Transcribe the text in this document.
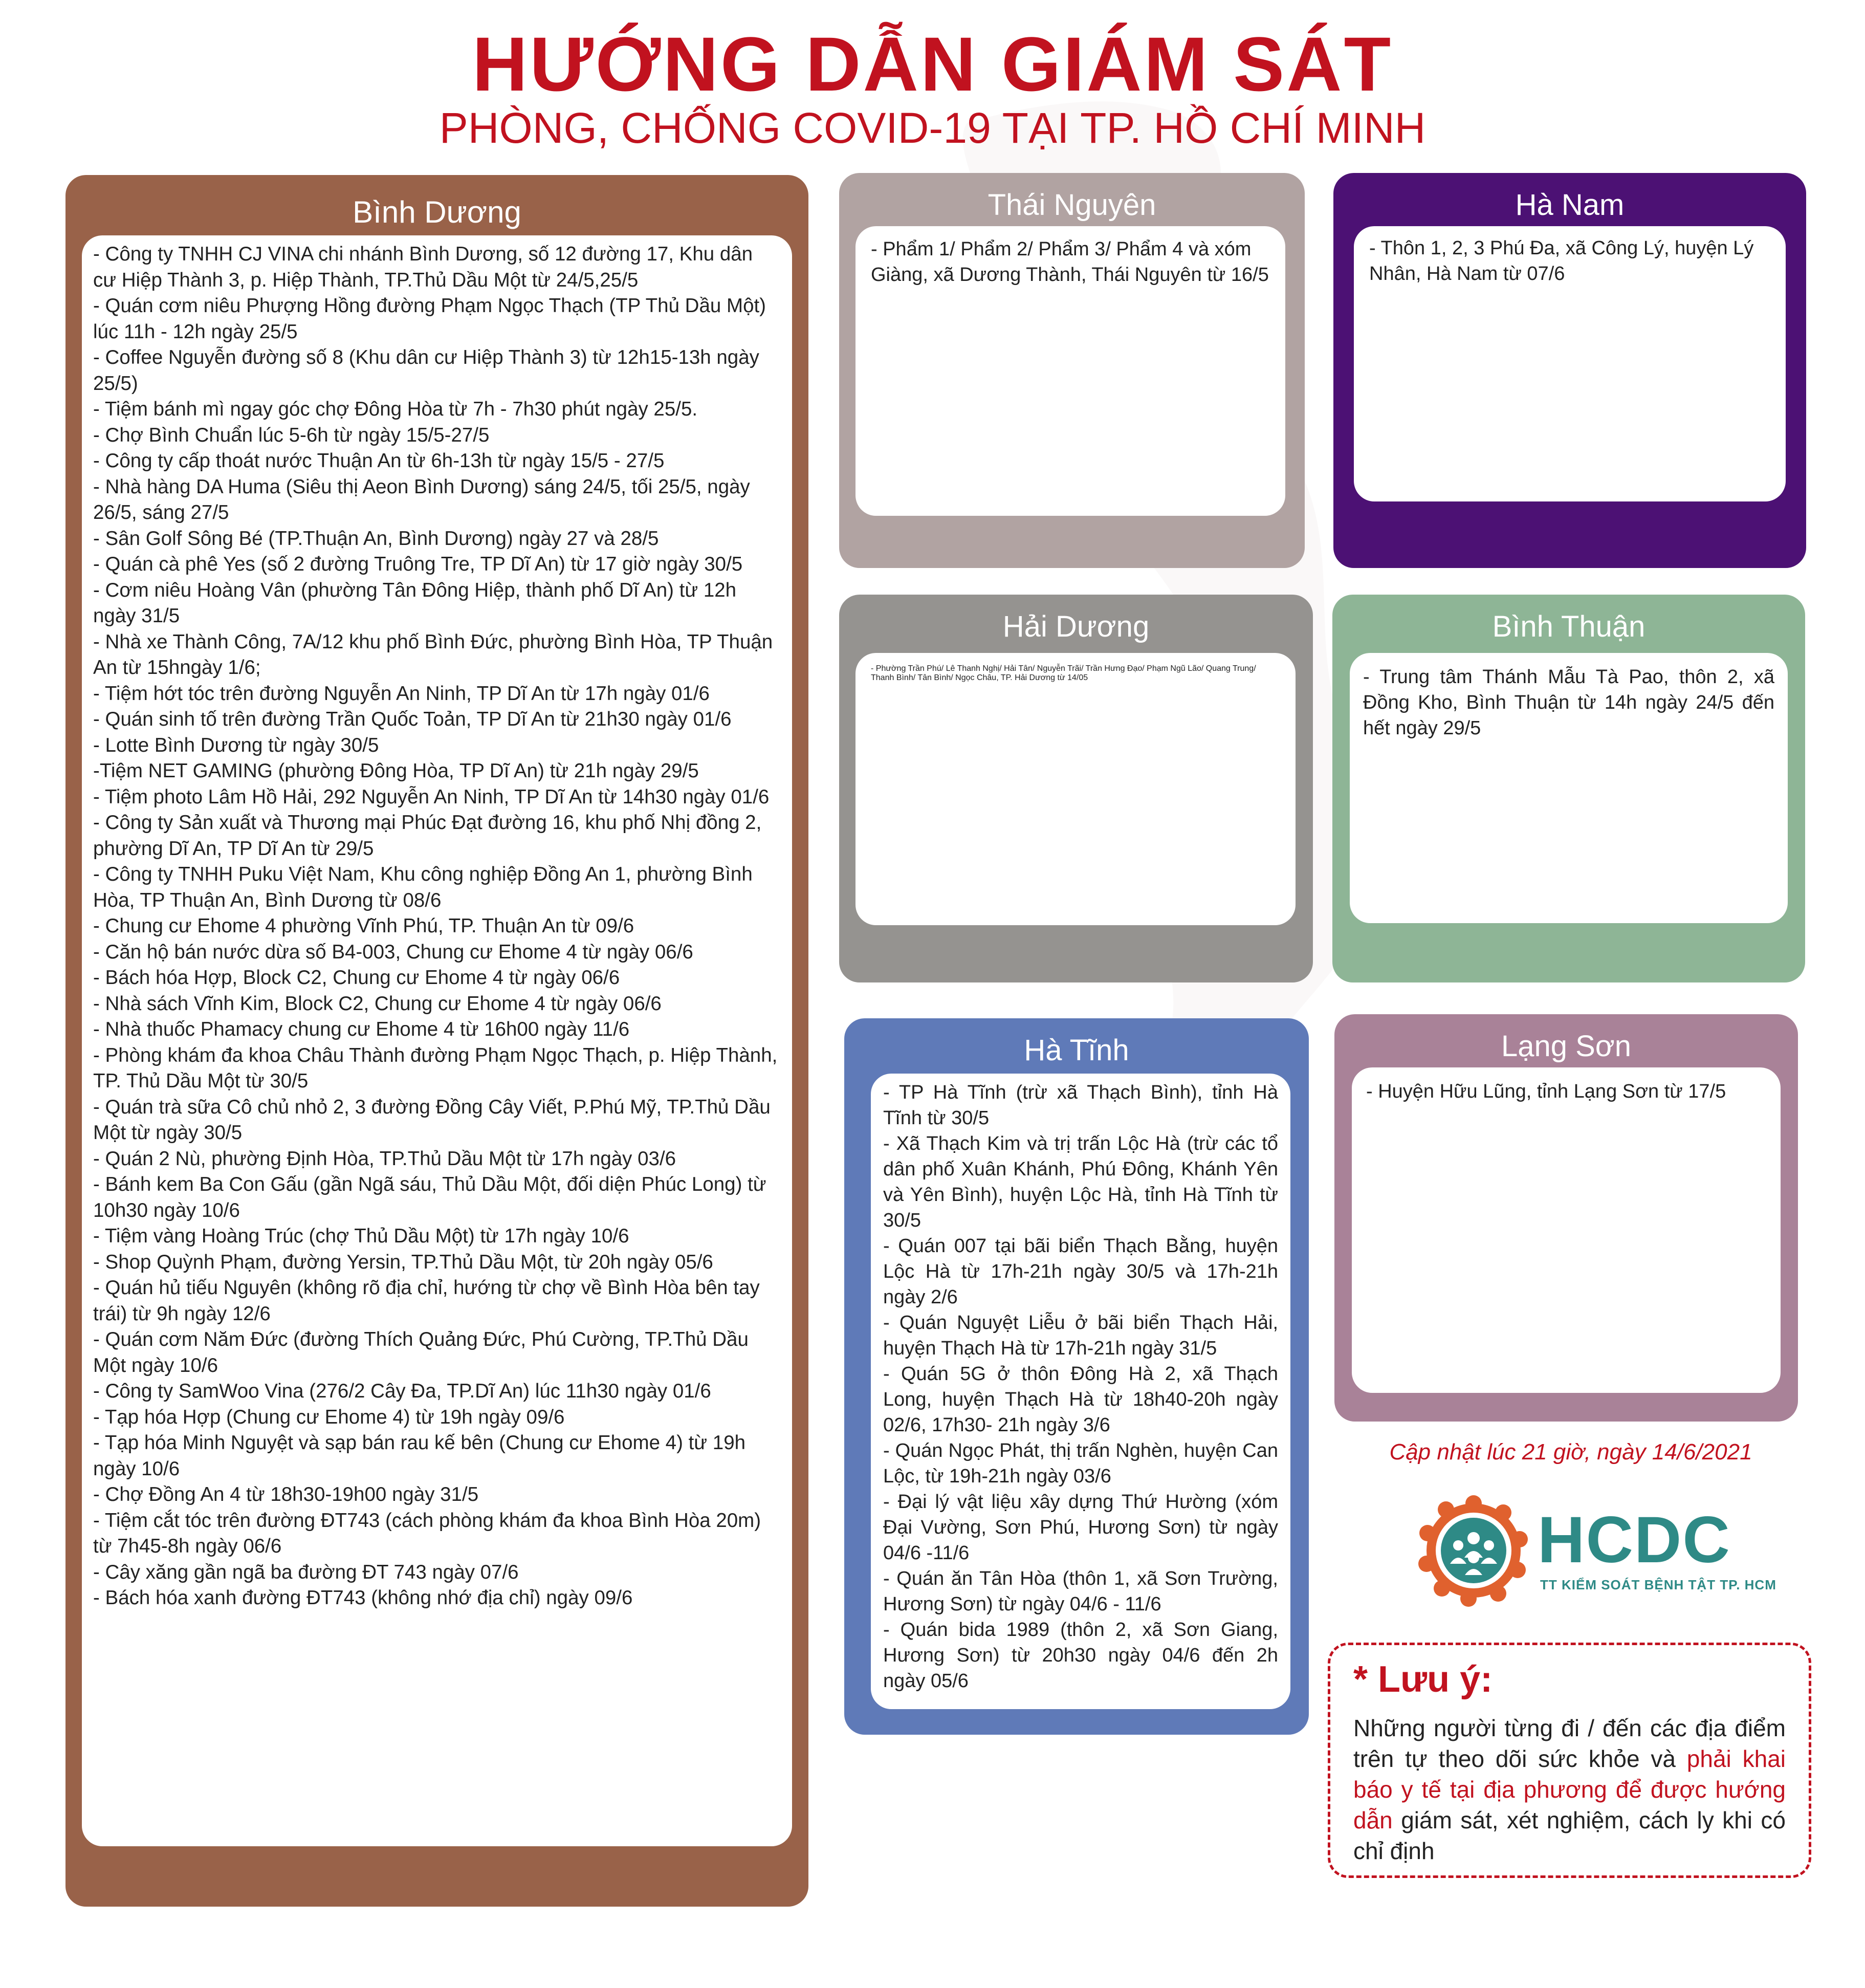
HƯỚNG DẪN GIÁM SÁT
PHÒNG, CHỐNG COVID-19 TẠI TP. HỒ CHÍ MINH
Bình Dương
- Công ty TNHH CJ VINA chi nhánh Bình Dương, số 12 đường 17, Khu dân cư Hiệp Thành 3, p. Hiệp Thành, TP.Thủ Dầu Một từ 24/5,25/5
- Quán cơm niêu Phượng Hồng đường Phạm Ngọc Thạch (TP Thủ Dầu Một) lúc 11h - 12h ngày 25/5
- Coffee Nguyễn đường số 8 (Khu dân cư Hiệp Thành 3) từ 12h15-13h ngày 25/5)
- Tiệm bánh mì ngay góc chợ Đông Hòa từ 7h - 7h30 phút ngày 25/5.
- Chợ Bình Chuẩn lúc 5-6h từ ngày 15/5-27/5
- Công ty cấp thoát nước Thuận An từ 6h-13h từ ngày 15/5 - 27/5
- Nhà hàng DA Huma (Siêu thị Aeon Bình Dương) sáng 24/5, tối 25/5, ngày 26/5, sáng 27/5
- Sân Golf Sông Bé (TP.Thuận An, Bình Dương) ngày 27 và 28/5
- Quán cà phê Yes (số 2 đường Truông Tre, TP Dĩ An) từ 17 giờ ngày 30/5
- Cơm niêu Hoàng Vân (phường Tân Đông Hiệp, thành phố Dĩ An) từ 12h ngày 31/5
- Nhà xe Thành Công, 7A/12 khu phố Bình Đức, phường Bình Hòa, TP Thuận An từ 15hngày 1/6;
- Tiệm hớt tóc trên đường Nguyễn An Ninh, TP Dĩ An từ 17h ngày 01/6
- Quán sinh tố trên đường Trần Quốc Toản, TP Dĩ An từ 21h30 ngày 01/6
- Lotte Bình Dương từ ngày 30/5
-Tiệm NET GAMING (phường Đông Hòa, TP Dĩ An) từ 21h ngày 29/5
- Tiệm photo Lâm Hồ Hải, 292 Nguyễn An Ninh, TP Dĩ An từ 14h30 ngày 01/6
- Công ty Sản xuất và Thương mại Phúc Đạt đường 16, khu phố Nhị đồng 2, phường Dĩ An, TP Dĩ An từ 29/5
- Công ty TNHH Puku Việt Nam, Khu công nghiệp Đồng An 1, phường Bình Hòa, TP Thuận An, Bình Dương từ 08/6
- Chung cư Ehome 4 phường Vĩnh Phú, TP. Thuận An từ 09/6
- Căn hộ bán nước dừa số B4-003, Chung cư Ehome 4 từ ngày 06/6
- Bách hóa Hợp, Block C2, Chung cư Ehome 4 từ ngày 06/6
- Nhà sách Vĩnh Kim, Block C2, Chung cư Ehome 4 từ ngày 06/6
- Nhà thuốc Phamacy chung cư Ehome 4 từ 16h00 ngày 11/6
- Phòng khám đa khoa Châu Thành đường Phạm Ngọc Thạch, p. Hiệp Thành, TP. Thủ Dầu Một từ 30/5
- Quán trà sữa Cô chủ nhỏ 2, 3 đường Đồng Cây Viết, P.Phú Mỹ, TP.Thủ Dầu Một từ ngày 30/5
- Quán 2 Nù, phường Định Hòa, TP.Thủ Dầu Một từ 17h ngày 03/6
- Bánh kem Ba Con Gấu (gần Ngã sáu, Thủ Dầu Một, đối diện Phúc Long) từ 10h30 ngày 10/6
- Tiệm vàng Hoàng Trúc (chợ Thủ Dầu Một) từ 17h ngày 10/6
- Shop Quỳnh Phạm, đường Yersin, TP.Thủ Dầu Một, từ 20h ngày 05/6
- Quán hủ tiếu Nguyên (không rõ địa chỉ, hướng từ chợ về Bình Hòa bên tay trái) từ 9h ngày 12/6
- Quán cơm Năm Đức (đường Thích Quảng Đức, Phú Cường, TP.Thủ Dầu Một ngày 10/6
- Công ty SamWoo Vina (276/2 Cây Đa, TP.Dĩ An) lúc 11h30 ngày 01/6
- Tạp hóa Hợp (Chung cư Ehome 4) từ 19h ngày 09/6
- Tạp hóa Minh Nguyệt và sạp bán rau kế bên (Chung cư Ehome 4) từ 19h ngày 10/6
- Chợ Đồng An 4 từ 18h30-19h00 ngày 31/5
- Tiệm cắt tóc trên đường ĐT743 (cách phòng khám đa khoa Bình Hòa 20m) từ 7h45-8h ngày 06/6
- Cây xăng gần ngã ba đường ĐT 743 ngày 07/6
- Bách hóa xanh đường ĐT743 (không nhớ địa chỉ) ngày 09/6
Thái Nguyên
- Phẩm 1/ Phẩm 2/ Phẩm 3/ Phẩm 4 và xóm Giàng, xã Dương Thành, Thái Nguyên từ 16/5
Hà Nam
- Thôn 1, 2, 3 Phú Đa, xã Công Lý, huyện Lý Nhân, Hà Nam từ 07/6
Hải Dương
- Phường Trần Phú/ Lê Thanh Nghị/ Hải Tân/ Nguyễn Trãi/ Trần Hưng Đạo/ Phạm Ngũ Lão/ Quang Trung/ Thanh Bình/ Tân Bình/ Ngọc Châu, TP. Hải Dương từ 14/05
Bình Thuận
- Trung tâm Thánh Mẫu Tà Pao, thôn 2, xã Đồng Kho, Bình Thuận từ 14h ngày 24/5 đến hết ngày 29/5
Hà Tĩnh
- TP Hà Tĩnh (trừ xã Thạch Bình), tỉnh Hà Tĩnh từ 30/5
- Xã Thạch Kim và trị trấn Lộc Hà (trừ các tổ dân phố Xuân Khánh, Phú Đông, Khánh Yên và Yên Bình), huyện Lộc Hà, tỉnh Hà Tĩnh từ 30/5
- Quán 007 tại bãi biển Thạch Bằng, huyện Lộc Hà từ 17h-21h ngày 30/5 và 17h-21h ngày 2/6
- Quán Nguyệt Liễu ở bãi biển Thạch Hải, huyện Thạch Hà từ 17h-21h ngày 31/5
- Quán 5G ở thôn Đông Hà 2, xã Thạch Long, huyện Thạch Hà từ 18h40-20h ngày 02/6, 17h30- 21h ngày 3/6
- Quán Ngọc Phát, thị trấn Nghèn, huyện Can Lộc, từ 19h-21h ngày 03/6
- Đại lý vật liệu xây dựng Thứ Hường (xóm Đại Vường, Sơn Phú, Hương Sơn) từ ngày 04/6 -11/6
- Quán ăn Tân Hòa (thôn 1, xã Sơn Trường, Hương Sơn) từ ngày 04/6 - 11/6
- Quán bida 1989 (thôn 2, xã Sơn Giang, Hương Sơn) từ 20h30 ngày 04/6 đến 2h ngày 05/6
Lạng Sơn
- Huyện Hữu Lũng, tỉnh Lạng Sơn từ 17/5
Cập nhật lúc 21 giờ, ngày 14/6/2021
HCDC
TT KIỂM SOÁT BỆNH TẬT TP. HCM
* Lưu ý:
Những người từng đi / đến các địa điểm trên tự theo dõi sức khỏe và phải khai báo y tế tại địa phương để được hướng dẫn giám sát, xét nghiệm, cách ly khi có chỉ định
